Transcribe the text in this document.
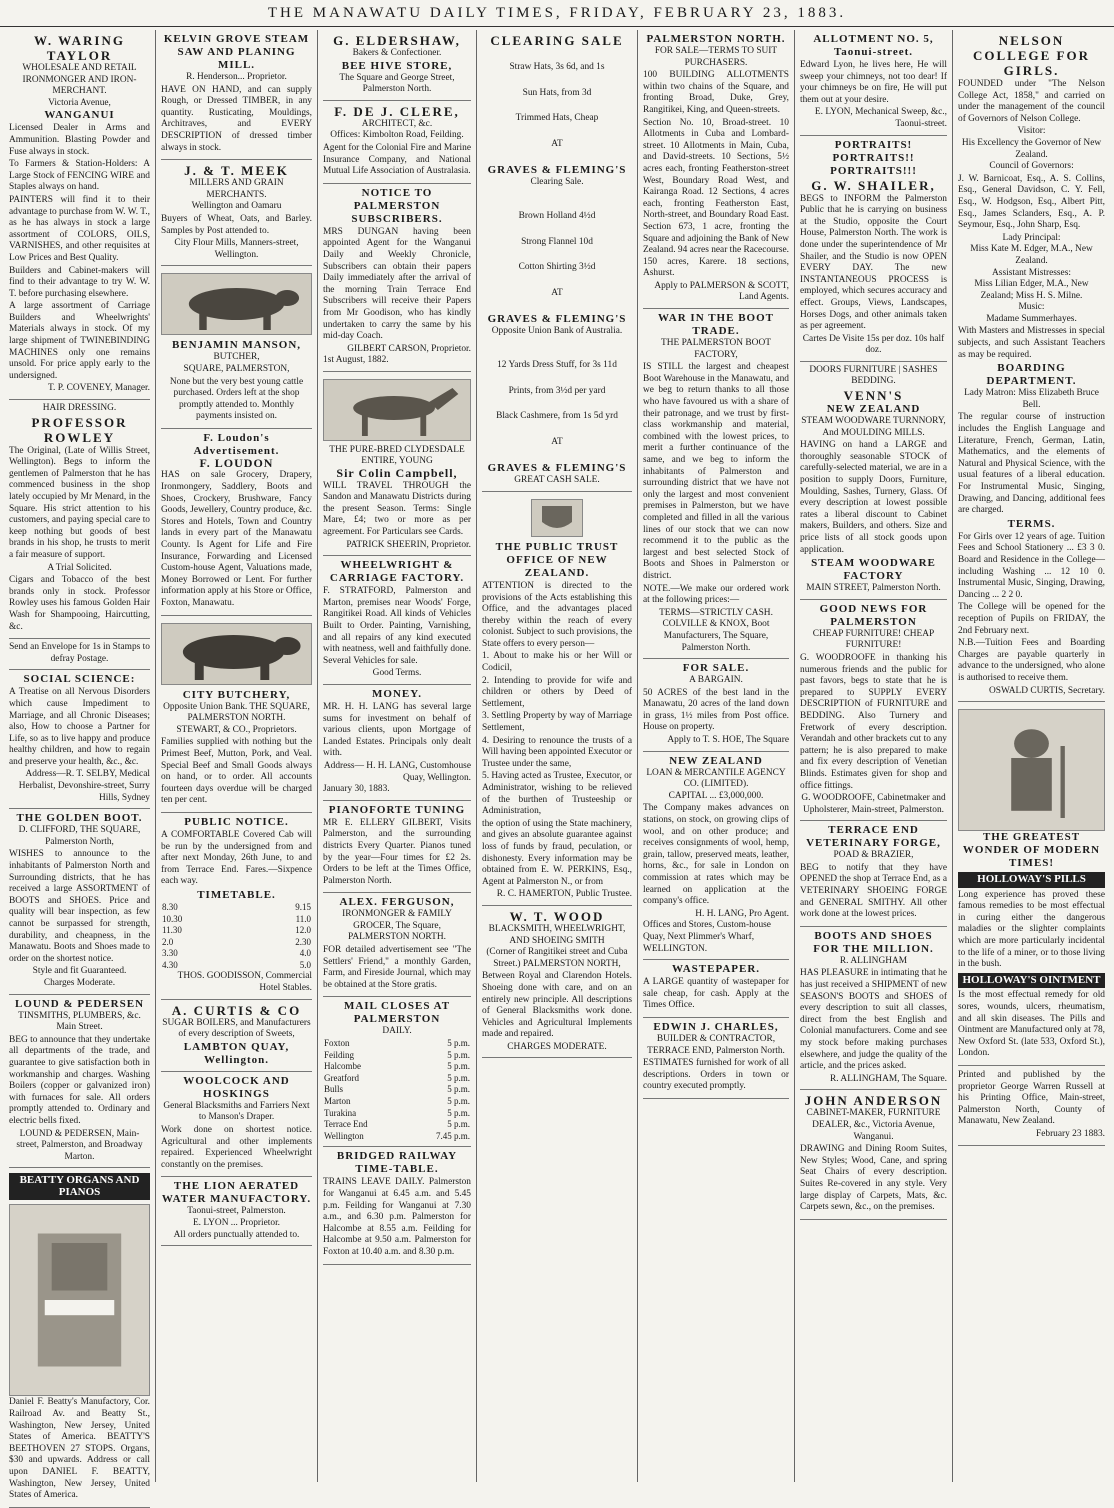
THE MANAWATU DAILY TIMES, FRIDAY, FEBRUARY 23, 1883.
W. WARING TAYLOR
WHOLESALE AND RETAIL IRONMONGER AND IRON-MERCHANT.
Victoria Avenue,
WANGANUI

Licensed Dealer in Arms and Ammunition. Blasting Powder and Fuse always in stock.

To Farmers & Station-Holders: A Large Stock of FENCING WIRE and Staples always on hand.

PAINTERS will find it to their advantage to purchase from W. W. T., as he has always in stock a large assortment of COLORS, OILS, VARNISHES, and other requisites at Low Prices and Best Quality.

Builders and Cabinet-makers will find to their advantage to try W. W. T. before purchasing elsewhere.

A large assortment of Carriage Builders and Wheelwrights' Materials always in stock. Of my large shipment of TWINEBINDING MACHINES only one remains unsold. For price apply early to the undersigned.

T. P. COVENEY, Manager.
HAIR DRESSING.
PROFESSOR ROWLEY

The Original, (Late of Willis Street, Wellington). Begs to inform the gentlemen of Palmerston that he has commenced business in the shop lately occupied by Mr Menard, in the Square. His strict attention to his customers, and paying special care to keep nothing but goods of best brands in his shop, he trusts to merit a fair measure of support.

A Trial Solicited.

Cigars and Tobacco of the best brands only in stock. Professor Rowley uses his famous Golden Hair Wash for Shampooing, Haircutting, &c.

Send an Envelope for 1s in Stamps to defray Postage.
SOCIAL SCIENCE:

A Treatise on all Nervous Disorders which cause Impediment to Marriage, and all Chronic Diseases; also, How to choose a Partner for Life, so as to live happy and produce healthy children, and how to regain and preserve your health, &c., &c.

Address—R. T. SELBY, Medical Herbalist, Devonshire-street, Surry Hills, Sydney
THE GOLDEN BOOT.
D. CLIFFORD, THE SQUARE, Palmerston North,

WISHES to announce to the inhabitants of Palmerston North and Surrounding districts, that he has received a large ASSORTMENT of BOOTS and SHOES. Price and quality will bear inspection, as few cannot be surpassed for strength, durability, and cheapness, in the Manawatu. Boots and Shoes made to order on the shortest notice.

Style and fit Guaranteed.
Charges Moderate.
LOUND & PEDERSEN
TINSMITHS, PLUMBERS, &c. Main Street.

BEG to announce that they undertake all departments of the trade, and guarantee to give satisfaction both in workmanship and charges. Washing Boilers (copper or galvanized iron) with furnaces for sale. All orders promptly attended to. Ordinary and electric bells fixed.

LOUND & PEDERSEN, Main-street, Palmerston, and Broadway Marton.
BEATTY ORGANS AND PIANOS

Daniel F. Beatty's Manufactory, Cor. Railroad Av. and Beatty St., Washington, New Jersey, United States of America. BEATTY'S BEETHOVEN 27 STOPS. Organs, $30 and upwards. Address or call upon DANIEL F. BEATTY, Washington, New Jersey, United States of America.

KELVIN GROVE STEAM SAW AND PLANING MILL.
R. Henderson... Proprietor.

HAVE ON HAND, and can supply Rough, or Dressed TIMBER, in any quantity. Rusticating, Mouldings, Architraves, and EVERY DESCRIPTION of dressed timber always in stock.

J. & T. MEEK
MILLERS AND GRAIN MERCHANTS.
Wellington and Oamaru

Buyers of Wheat, Oats, and Barley. Samples by Post attended to.

City Flour Mills, Manners-street, Wellington.
BENJAMIN MANSON,
BUTCHER,
SQUARE, PALMERSTON,

None but the very best young cattle purchased. Orders left at the shop promptly attended to. Monthly payments insisted on.

F. Loudon's Advertisement.
F. LOUDON

HAS on sale Grocery, Drapery, Ironmongery, Saddlery, Boots and Shoes, Crockery, Brushware, Fancy Goods, Jewellery, Country produce, &c. Stores and Hotels, Town and Country lands in every part of the Manawatu County. Is Agent for Life and Fire Insurance, Forwarding and Licensed Custom-house Agent, Valuations made, Money Borrowed or Lent. For further information apply at his Store or Office, Foxton, Manawatu.

CITY BUTCHERY,
Opposite Union Bank. THE SQUARE, PALMERSTON NORTH.
STEWART, & CO., Proprietors.

Families supplied with nothing but the Primest Beef, Mutton, Pork, and Veal. Special Beef and Small Goods always on hand, or to order. All accounts fourteen days overdue will be charged ten per cent.

PUBLIC NOTICE.

A COMFORTABLE Covered Cab will be run by the undersigned from and after next Monday, 26th June, to and from Terrace End. Fares.—Sixpence each way.

TIMETABLE.
8.30	9.15
10.30	11.0
11.30	12.0
2.0	2.30
3.30	4.0
4.30	5.0
THOS. GOODISSON, Commercial Hotel Stables.
A. CURTIS & CO
SUGAR BOILERS, and Manufacturers of every description of Sweets,
LAMBTON QUAY, Wellington.
WOOLCOCK AND HOSKINGS
General Blacksmiths and Farriers Next to Manson's Draper.

Work done on shortest notice. Agricultural and other implements repaired. Experienced Wheelwright constantly on the premises.

THE LION AERATED WATER MANUFACTORY.
Taonui-street, Palmerston.
E. LYON ... Proprietor.
All orders punctually attended to.
G. ELDERSHAW,
Bakers & Confectioner.
BEE HIVE STORE,
The Square and George Street, Palmerston North.
F. DE J. CLERE,
ARCHITECT, &c.
Offices: Kimbolton Road, Feilding.

Agent for the Colonial Fire and Marine Insurance Company, and National Mutual Life Association of Australasia.

NOTICE TO PALMERSTON SUBSCRIBERS.

MRS DUNGAN having been appointed Agent for the Wanganui Daily and Weekly Chronicle, Subscribers can obtain their papers Daily immediately after the arrival of the morning Train Terrace End Subscribers will receive their Papers from Mr Goodison, who has kindly undertaken to carry the same by his mid-day Coach.

GILBERT CARSON, Proprietor.
1st August, 1882.
THE PURE-BRED CLYDESDALE ENTIRE, YOUNG
Sir Colin Campbell,

WILL TRAVEL THROUGH the Sandon and Manawatu Districts during the present Season. Terms: Single Mare, £4; two or more as per agreement. For Particulars see Cards.

PATRICK SHEERIN, Proprietor.
WHEELWRIGHT & CARRIAGE FACTORY.

F. STRATFORD, Palmerston and Marton, premises near Woods' Forge, Rangitikei Road. All kinds of Vehicles Built to Order. Painting, Varnishing, and all repairs of any kind executed with neatness, well and faithfully done. Several Vehicles for sale.

Good Terms.
MONEY.

MR. H. H. LANG has several large sums for investment on behalf of various clients, upon Mortgage of Landed Estates. Principals only dealt with.

Address— H. H. LANG, Customhouse Quay, Wellington.
January 30, 1883.
PIANOFORTE TUNING

MR E. ELLERY GILBERT, Visits Palmerston, and the surrounding districts Every Quarter. Pianos tuned by the year—Four times for £2 2s. Orders to be left at the Times Office, Palmerston North.

ALEX. FERGUSON,
IRONMONGER & FAMILY GROCER, The Square, PALMERSTON NORTH.

FOR detailed advertisement see "The Settlers' Friend," a monthly Garden, Farm, and Fireside Journal, which may be obtained at the Store gratis.

MAIL CLOSES AT PALMERSTON
DAILY.
Foxton	5 p.m.
Feilding	5 p.m.
Halcombe	5 p.m.
Greatford	5 p.m.
Bulls	5 p.m.
Marton	5 p.m.
Turakina	5 p.m.
Terrace End	5 p.m.
Wellington	7.45 p.m.
BRIDGED RAILWAY TIME-TABLE.

TRAINS LEAVE DAILY. Palmerston for Wanganui at 6.45 a.m. and 5.45 p.m. Feilding for Wanganui at 7.30 a.m., and 6.30 p.m. Palmerston for Halcombe at 8.55 a.m. Feilding for Halcombe at 9.50 a.m. Palmerston for Foxton at 10.40 a.m. and 8.30 p.m.

CLEARING SALE
Straw Hats, 3s 6d, and 1s
Sun Hats, from 3d
Trimmed Hats, Cheap
AT
GRAVES & FLEMING'S
Clearing Sale.
Brown Holland 4½d
Strong Flannel 10d
Cotton Shirting 3½d
AT
GRAVES & FLEMING'S
Opposite Union Bank of Australia.
12 Yards Dress Stuff, for 3s 11d
Prints, from 3½d per yard
Black Cashmere, from 1s 5d yrd
AT
GRAVES & FLEMING'S
GREAT CASH SALE.
THE PUBLIC TRUST OFFICE OF NEW ZEALAND.

ATTENTION is directed to the provisions of the Acts establishing this Office, and the advantages placed thereby within the reach of every colonist. Subject to such provisions, the State offers to every person—

1. About to make his or her Will or Codicil,

2. Intending to provide for wife and children or others by Deed of Settlement,

3. Settling Property by way of Marriage Settlement,

4. Desiring to renounce the trusts of a Will having been appointed Executor or Trustee under the same,

5. Having acted as Trustee, Executor, or Administrator, wishing to be relieved of the burthen of Trusteeship or Administration,

the option of using the State machinery, and gives an absolute guarantee against loss of funds by fraud, peculation, or dishonesty. Every information may be obtained from E. W. PERKINS, Esq., Agent at Palmerston N., or from

R. C. HAMERTON, Public Trustee.
W. T. WOOD
BLACKSMITH, WHEELWRIGHT, AND SHOEING SMITH
(Corner of Rangitikei street and Cuba Street.) PALMERSTON NORTH,

Between Royal and Clarendon Hotels. Shoeing done with care, and on an entirely new principle. All descriptions of General Blacksmiths work done. Vehicles and Agricultural Implements made and repaired.

CHARGES MODERATE.
PALMERSTON NORTH.
FOR SALE—TERMS TO SUIT PURCHASERS.

100 BUILDING ALLOTMENTS within two chains of the Square, and fronting Broad, Duke, Grey, Rangitikei, King, and Queen-streets.

Section No. 10, Broad-street. 10 Allotments in Cuba and Lombard-street. 10 Allotments in Main, Cuba, and David-streets. 10 Sections, 5½ acres each, fronting Featherston-street West, Boundary Road West, and Kairanga Road. 12 Sections, 4 acres each, fronting Featherston East, North-street, and Boundary Road East. Section 673, 1 acre, fronting the Square and adjoining the Bank of New Zealand. 94 acres near the Racecourse. 150 acres, Karere. 18 sections, Ashurst.

Apply to PALMERSON & SCOTT, Land Agents.
WAR IN THE BOOT TRADE.
THE PALMERSTON BOOT FACTORY,

IS STILL the largest and cheapest Boot Warehouse in the Manawatu, and we beg to return thanks to all those who have favoured us with a share of their patronage, and we trust by first-class workmanship and material, combined with the lowest prices, to merit a further continuance of the same, and we beg to inform the inhabitants of Palmerston and surrounding district that we have not only the largest and most convenient premises in Palmerston, but we have completed and filled in all the various lines of our stock that we can now recommend it to the public as the largest and best selected Stock of Boots and Shoes in Palmerston or district.

NOTE.—We make our ordered work at the following prices:—

TERMS—STRICTLY CASH.
COLVILLE & KNOX, Boot Manufacturers, The Square, Palmerston North.
FOR SALE.
A BARGAIN.

50 ACRES of the best land in the Manawatu, 20 acres of the land down in grass, 1½ miles from Post office. House on property.

Apply to T. S. HOE, The Square
NEW ZEALAND
LOAN & MERCANTILE AGENCY CO. (LIMITED).
CAPITAL ... £3,000,000.

The Company makes advances on stations, on stock, on growing clips of wool, and on other produce; and receives consignments of wool, hemp, grain, tallow, preserved meats, leather, horns, &c., for sale in London on commission at rates which may be learned on application at the company's office.

H. H. LANG, Pro Agent.
Offices and Stores, Custom-house Quay, Next Plimmer's Wharf, WELLINGTON.
WASTEPAPER.

A LARGE quantity of wastepaper for sale cheap, for cash. Apply at the Times Office.

EDWIN J. CHARLES,
BUILDER & CONTRACTOR, TERRACE END, Palmerston North.

ESTIMATES furnished for work of all descriptions. Orders in town or country executed promptly.

ALLOTMENT NO. 5, Taonui-street.

Edward Lyon, he lives here, He will sweep your chimneys, not too dear! If your chimneys be on fire, He will put them out at your desire.

E. LYON, Mechanical Sweep, &c., Taonui-street.
PORTRAITS! PORTRAITS!!
PORTRAITS!!!
G. W. SHAILER,

BEGS to INFORM the Palmerston Public that he is carrying on business at the Studio, opposite the Court House, Palmerston North. The work is done under the superintendence of Mr Shailer, and the Studio is now OPEN EVERY DAY. The new INSTANTANEOUS PROCESS is employed, which secures accuracy and effect. Groups, Views, Landscapes, Horses Dogs, and other animals taken as per agreement.

Cartes De Visite 15s per doz. 10s half doz.
DOORS FURNITURE | SASHES BEDDING.
VENN'S
NEW ZEALAND
STEAM WOODWARE TURNNORY, And MOULDING MILLS.

HAVING on hand a LARGE and thoroughly seasonable STOCK of carefully-selected material, we are in a position to supply Doors, Furniture, Moulding, Sashes, Turnery, Glass. Of every description at lowest possible rates a liberal discount to Cabinet makers, Builders, and others. Size and price lists of all stock goods upon application.

STEAM WOODWARE FACTORY
MAIN STREET, Palmerston North.
GOOD NEWS FOR PALMERSTON
CHEAP FURNITURE! CHEAP FURNITURE!

G. WOODROOFE in thanking his numerous friends and the public for past favors, begs to state that he is prepared to SUPPLY EVERY DESCRIPTION of FURNITURE and BEDDING. Also Turnery and Fretwork of every description. Verandah and other brackets cut to any pattern; he is also prepared to make and fix every description of Venetian Blinds. Estimates given for shop and office fittings.

G. WOODROOFE, Cabinetmaker and Upholsterer, Main-street, Palmerston.
TERRACE END VETERINARY FORGE,
POAD & BRAZIER,

BEG to notify that they have OPENED the shop at Terrace End, as a VETERINARY SHOEING FORGE and GENERAL SMITHY. All other work done at the lowest prices.

BOOTS AND SHOES FOR THE MILLION.
R. ALLINGHAM

HAS PLEASURE in intimating that he has just received a SHIPMENT of new SEASON'S BOOTS and SHOES of every description to suit all classes, direct from the best English and Colonial manufacturers. Come and see my stock before making purchases elsewhere, and judge the quality of the article, and the prices asked.

R. ALLINGHAM, The Square.
JOHN ANDERSON
CABINET-MAKER, FURNITURE DEALER, &c., Victoria Avenue, Wanganui.

DRAWING and Dining Room Suites, New Styles; Wood, Cane, and spring Seat Chairs of every description. Suites Re-covered in any style. Very large display of Carpets, Mats, &c. Carpets sewn, &c., on the premises.

NELSON COLLEGE FOR GIRLS.

FOUNDED under "The Nelson College Act, 1858," and carried on under the management of the council of Governors of Nelson College.

Visitor:
His Excellency the Governor of New Zealand.
Council of Governors:

J. W. Barnicoat, Esq., A. S. Collins, Esq., General Davidson, C. Y. Fell, Esq., W. Hodgson, Esq., Albert Pitt, Esq., James Sclanders, Esq., A. P. Seymour, Esq., John Sharp, Esq.

Lady Principal:
Miss Kate M. Edger, M.A., New Zealand.
Assistant Mistresses:
Miss Lilian Edger, M.A., New Zealand; Miss H. S. Milne.
Music:
Madame Summerhayes.

With Masters and Mistresses in special subjects, and such Assistant Teachers as may be required.

BOARDING DEPARTMENT.
Lady Matron: Miss Elizabeth Bruce Bell.

The regular course of instruction includes the English Language and Literature, French, German, Latin, Mathematics, and the elements of Natural and Physical Science, with the usual features of a liberal education. For Instrumental Music, Singing, Drawing, and Dancing, additional fees are charged.

TERMS.

For Girls over 12 years of age. Tuition Fees and School Stationery ... £3 3 0. Board and Residence in the College—including Washing ... 12 10 0. Instrumental Music, Singing, Drawing, Dancing ... 2 2 0.

The College will be opened for the reception of Pupils on FRIDAY, the 2nd February next.

N.B.—Tuition Fees and Boarding Charges are payable quarterly in advance to the undersigned, who alone is authorised to receive them.

OSWALD CURTIS, Secretary.
THE GREATEST WONDER OF MODERN TIMES!
HOLLOWAY'S PILLS

Long experience has proved these famous remedies to be most effectual in curing either the dangerous maladies or the slighter complaints which are more particularly incidental to the life of a miner, or to those living in the bush.

HOLLOWAY'S OINTMENT

Is the most effectual remedy for old sores, wounds, ulcers, rheumatism, and all skin diseases. The Pills and Ointment are Manufactured only at 78, New Oxford St. (late 533, Oxford St.), London.

Printed and published by the proprietor George Warren Russell at his Printing Office, Main-street, Palmerston North, County of Manawatu, New Zealand.

February 23 1883.
